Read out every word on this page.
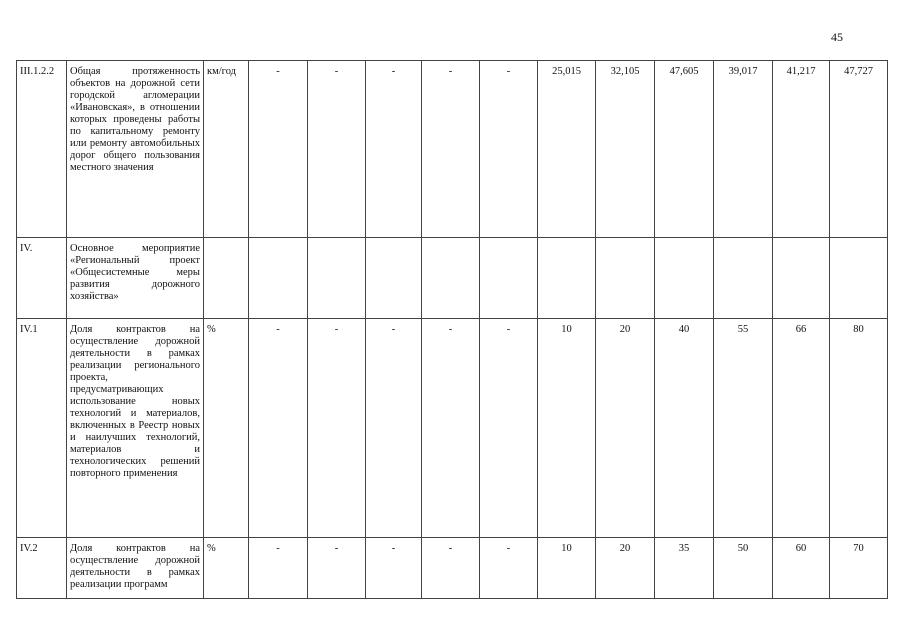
45
III.1.2.2	Общая протяженность объектов на дорожной сети городской агломерации «Ивановская», в отношении которых проведены работы по капитальному ремонту или ремонту автомобильных дорог общего пользования местного значения	км/год	-	-	-	-	-	25,015	32,105	47,605	39,017	41,217	47,727
IV.	Основное мероприятие «Региональный проект «Общесистемные меры развития дорожного хозяйства»												
IV.1	Доля контрактов на осуществление дорожной деятельности в рамках реализации регионального проекта, предусматривающих использование новых технологий и материалов, включенных в Реестр новых и наилучших технологий, материалов и технологических решений повторного применения	%	-	-	-	-	-	10	20	40	55	66	80
IV.2	Доля контрактов на осуществление дорожной деятельности в рамках реализации программ	%	-	-	-	-	-	10	20	35	50	60	70
